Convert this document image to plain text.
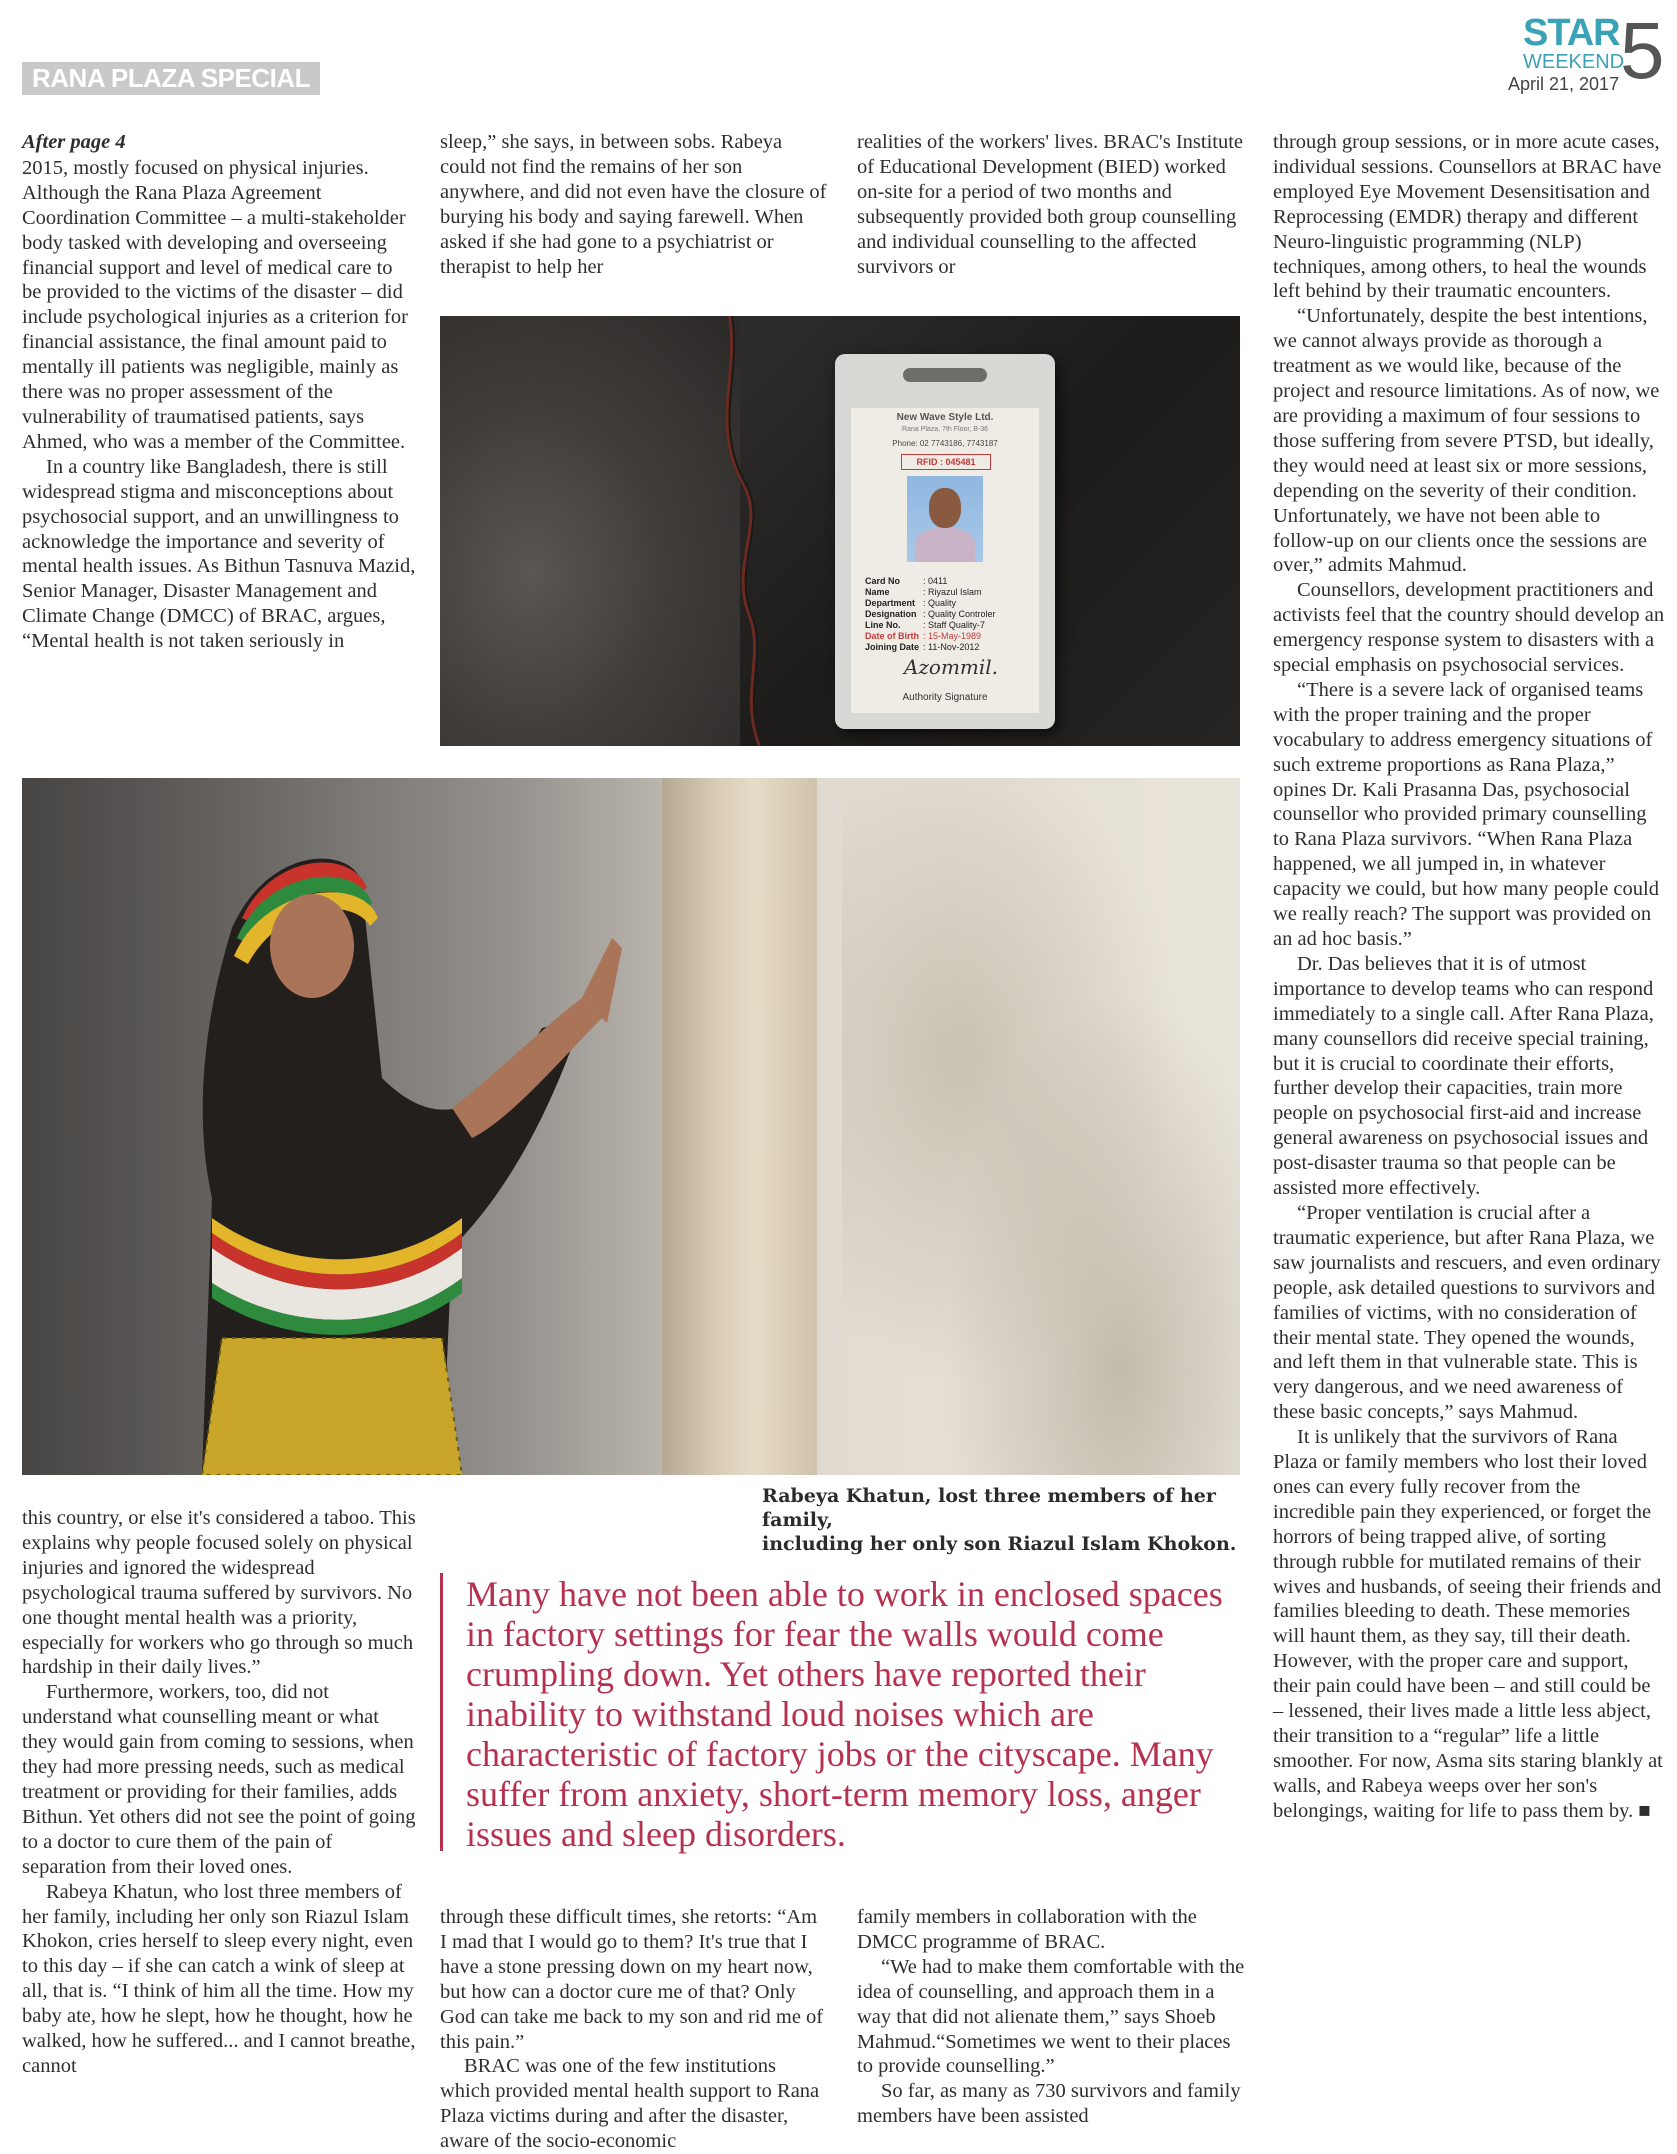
RANA PLAZA SPECIAL
STAR
WEEKEND
April 21, 2017 5
After page 4

2015, mostly focused on physical injuries. Although the Rana Plaza Agreement Coordination Committee – a multi-stakeholder body tasked with developing and overseeing financial support and level of medical care to be provided to the victims of the disaster – did include psychological injuries as a criterion for financial assistance, the final amount paid to mentally ill patients was negligible, mainly as there was no proper assessment of the vulnerability of traumatised patients, says Ahmed, who was a member of the Committee.

In a country like Bangladesh, there is still widespread stigma and misconceptions about psychosocial support, and an unwillingness to acknowledge the importance and severity of mental health issues. As Bithun Tasnuva Mazid, Senior Manager, Disaster Management and Climate Change (DMCC) of BRAC, argues, “Mental health is not taken seriously in

sleep,” she says, in between sobs. Rabeya could not find the remains of her son anywhere, and did not even have the closure of burying his body and saying farewell. When asked if she had gone to a psychiatrist or therapist to help her

realities of the workers' lives. BRAC's Institute of Educational Development (BIED) worked on-site for a period of two months and subsequently provided both group counselling and individual counselling to the affected survivors or

through group sessions, or in more acute cases, individual sessions. Counsellors at BRAC have employed Eye Movement Desensitisation and Reprocessing (EMDR) therapy and different Neuro-linguistic programming (NLP) techniques, among others, to heal the wounds left behind by their traumatic encounters.

“Unfortunately, despite the best intentions, we cannot always provide as thorough a treatment as we would like, because of the project and resource limitations. As of now, we are providing a maximum of four sessions to those suffering from severe PTSD, but ideally, they would need at least six or more sessions, depending on the severity of their condition. Unfortunately, we have not been able to follow-up on our clients once the sessions are over,” admits Mahmud.

Counsellors, development practitioners and activists feel that the country should develop an emergency response system to disasters with a special emphasis on psychosocial services.

“There is a severe lack of organised teams with the proper training and the proper vocabulary to address emergency situations of such extreme proportions as Rana Plaza,” opines Dr. Kali Prasanna Das, psychosocial counsellor who provided primary counselling to Rana Plaza survivors. “When Rana Plaza happened, we all jumped in, in whatever capacity we could, but how many people could we really reach? The support was provided on an ad hoc basis.”

Dr. Das believes that it is of utmost importance to develop teams who can respond immediately to a single call. After Rana Plaza, many counsellors did receive special training, but it is crucial to coordinate their efforts, further develop their capacities, train more people on psychosocial first-aid and increase general awareness on psychosocial issues and post-disaster trauma so that people can be assisted more effectively.

“Proper ventilation is crucial after a traumatic experience, but after Rana Plaza, we saw journalists and rescuers, and even ordinary people, ask detailed questions to survivors and families of victims, with no consideration of their mental state. They opened the wounds, and left them in that vulnerable state. This is very dangerous, and we need awareness of these basic concepts,” says Mahmud.

It is unlikely that the survivors of Rana Plaza or family members who lost their loved ones can every fully recover from the incredible pain they experienced, or forget the horrors of being trapped alive, of sorting through rubble for mutilated remains of their wives and husbands, of seeing their friends and families bleeding to death. These memories will haunt them, as they say, till their death. However, with the proper care and support, their pain could have been – and still could be – lessened, their lives made a little less abject, their transition to a “regular” life a little smoother. For now, Asma sits staring blankly at walls, and Rabeya weeps over her son's belongings, waiting for life to pass them by. ■

New Wave Style Ltd.
Rana Plaza, 7th Floor, B-36
Phone: 02 7743186, 7743187
RFID : 045481
Card No	: 0411
Name	: Riyazul Islam
Department : Quality
Designation : Quality Controler
Line No.	: Staff Quality-7
Date of Birth : 15-May-1989
Joining Date : 11-Nov-2012
Azommil.
Authority Signature
Rabeya Khatun, lost three members of her family,
including her only son Riazul Islam Khokon.

this country, or else it's considered a taboo. This explains why people focused solely on physical injuries and ignored the widespread psychological trauma suffered by survivors. No one thought mental health was a priority, especially for workers who go through so much hardship in their daily lives.”

Furthermore, workers, too, did not understand what counselling meant or what they would gain from coming to sessions, when they had more pressing needs, such as medical treatment or providing for their families, adds Bithun. Yet others did not see the point of going to a doctor to cure them of the pain of separation from their loved ones.

Rabeya Khatun, who lost three members of her family, including her only son Riazul Islam Khokon, cries herself to sleep every night, even to this day – if she can catch a wink of sleep at all, that is. “I think of him all the time. How my baby ate, how he slept, how he thought, how he walked, how he suffered... and I cannot breathe, cannot

Many have not been able to work in enclosed spaces in factory settings for fear the walls would come crumpling down. Yet others have reported their inability to withstand loud noises which are characteristic of factory jobs or the cityscape. Many suffer from anxiety, short-term memory loss, anger issues and sleep disorders.

through these difficult times, she retorts: “Am I mad that I would go to them? It's true that I have a stone pressing down on my heart now, but how can a doctor cure me of that? Only God can take me back to my son and rid me of this pain.”

BRAC was one of the few institutions which provided mental health support to Rana Plaza victims during and after the disaster, aware of the socio-economic

family members in collaboration with the DMCC programme of BRAC.

“We had to make them comfortable with the idea of counselling, and approach them in a way that did not alienate them,” says Shoeb Mahmud.“Sometimes we went to their places to provide counselling.”

So far, as many as 730 survivors and family members have been assisted
